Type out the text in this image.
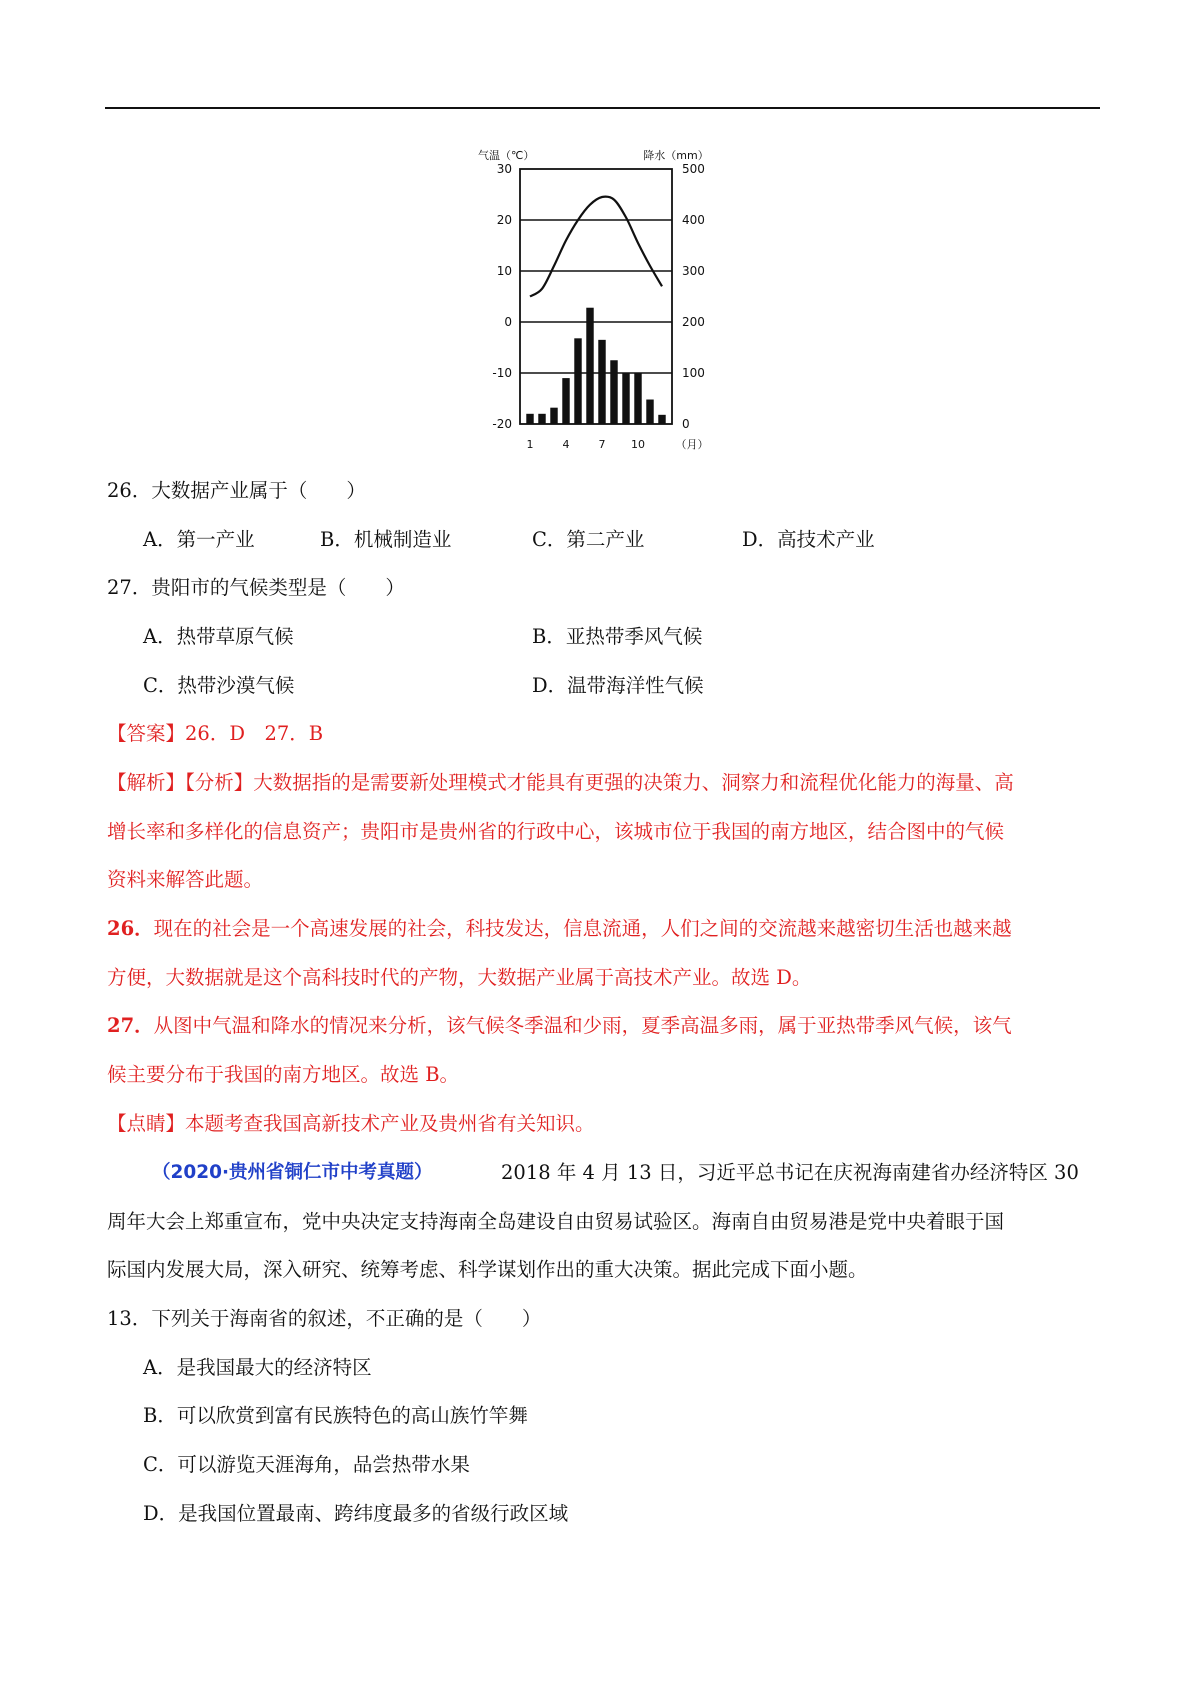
气温（℃）	降水（mm）
30
20
10
0
-10
-20
500
400
300
200
100
0
1	4	7 10	（月）
26．大数据产业属于（　　）
A．第一产业	B．机械制造业	C．第二产业	D．高技术产业
27．贵阳市的气候类型是（　　）
A．热带草原气候	B．亚热带季风气候
C．热带沙漠气候	D．温带海洋性气候
【答案】26．D　27．B
【解析】【分析】大数据指的是需要新处理模式才能具有更强的决策力、洞察力和流程优化能力的海量、高
增长率和多样化的信息资产；贵阳市是贵州省的行政中心，该城市位于我国的南方地区，结合图中的气候
资料来解答此题。
26．现在的社会是一个高速发展的社会，科技发达，信息流通，人们之间的交流越来越密切生活也越来越
方便，大数据就是这个高科技时代的产物，大数据产业属于高技术产业。故选 D。
27．从图中气温和降水的情况来分析，该气候冬季温和少雨，夏季高温多雨，属于亚热带季风气候，该气
候主要分布于我国的南方地区。故选 B。
【点睛】本题考查我国高新技术产业及贵州省有关知识。
（2020·贵州省铜仁市中考真题）	2018 年 4 月 13 日，习近平总书记在庆祝海南建省办经济特区 30
周年大会上郑重宣布，党中央决定支持海南全岛建设自由贸易试验区。海南自由贸易港是党中央着眼于国
际国内发展大局，深入研究、统筹考虑、科学谋划作出的重大决策。据此完成下面小题。
13．下列关于海南省的叙述，不正确的是（　　）
A．是我国最大的经济特区
B．可以欣赏到富有民族特色的高山族竹竿舞
C．可以游览天涯海角，品尝热带水果
D．是我国位置最南、跨纬度最多的省级行政区域
